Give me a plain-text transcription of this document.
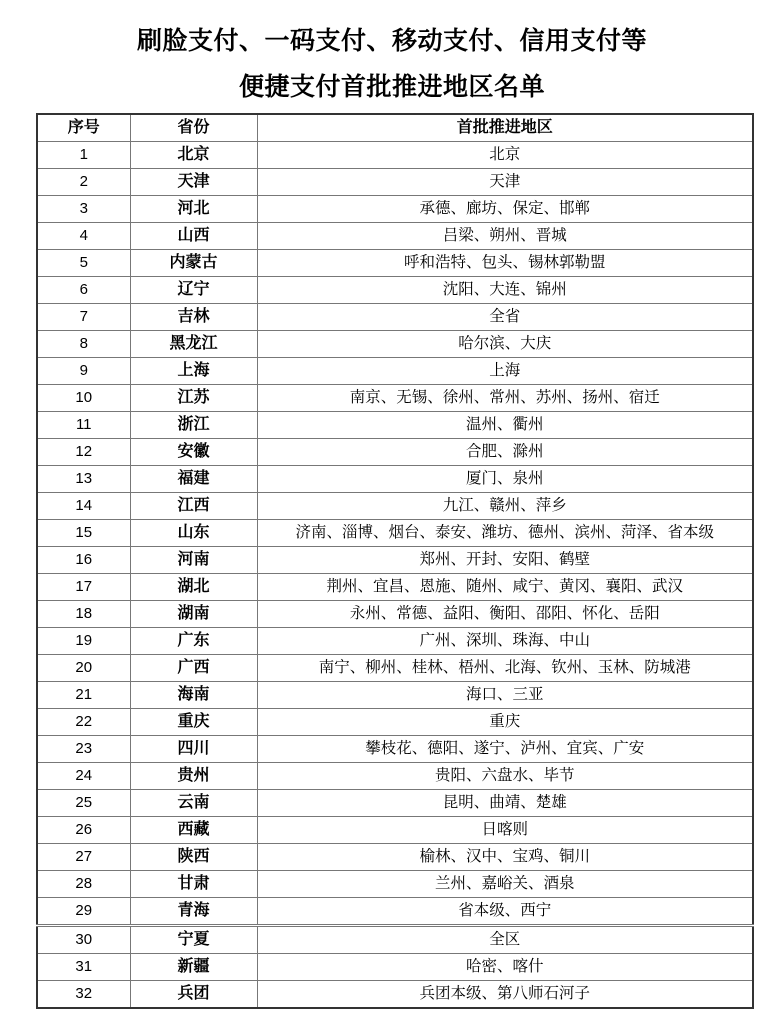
刷脸支付、一码支付、移动支付、信用支付等
便捷支付首批推进地区名单
序号	省份	首批推进地区
1	北京	北京
2	天津	天津
3	河北	承德、廊坊、保定、邯郸
4	山西	吕梁、朔州、晋城
5	内蒙古	呼和浩特、包头、锡林郭勒盟
6	辽宁	沈阳、大连、锦州
7	吉林	全省
8	黑龙江	哈尔滨、大庆
9	上海	上海
10	江苏	南京、无锡、徐州、常州、苏州、扬州、宿迁
11	浙江	温州、衢州
12	安徽	合肥、滁州
13	福建	厦门、泉州
14	江西	九江、赣州、萍乡
15	山东	济南、淄博、烟台、泰安、潍坊、德州、滨州、菏泽、省本级
16	河南	郑州、开封、安阳、鹤壁
17	湖北	荆州、宜昌、恩施、随州、咸宁、黄冈、襄阳、武汉
18	湖南	永州、常德、益阳、衡阳、邵阳、怀化、岳阳
19	广东	广州、深圳、珠海、中山
20	广西	南宁、柳州、桂林、梧州、北海、钦州、玉林、防城港
21	海南	海口、三亚
22	重庆	重庆
23	四川	攀枝花、德阳、遂宁、泸州、宜宾、广安
24	贵州	贵阳、六盘水、毕节
25	云南	昆明、曲靖、楚雄
26	西藏	日喀则
27	陕西	榆林、汉中、宝鸡、铜川
28	甘肃	兰州、嘉峪关、酒泉
29	青海	省本级、西宁
30	宁夏	全区
31	新疆	哈密、喀什
32	兵团	兵团本级、第八师石河子
